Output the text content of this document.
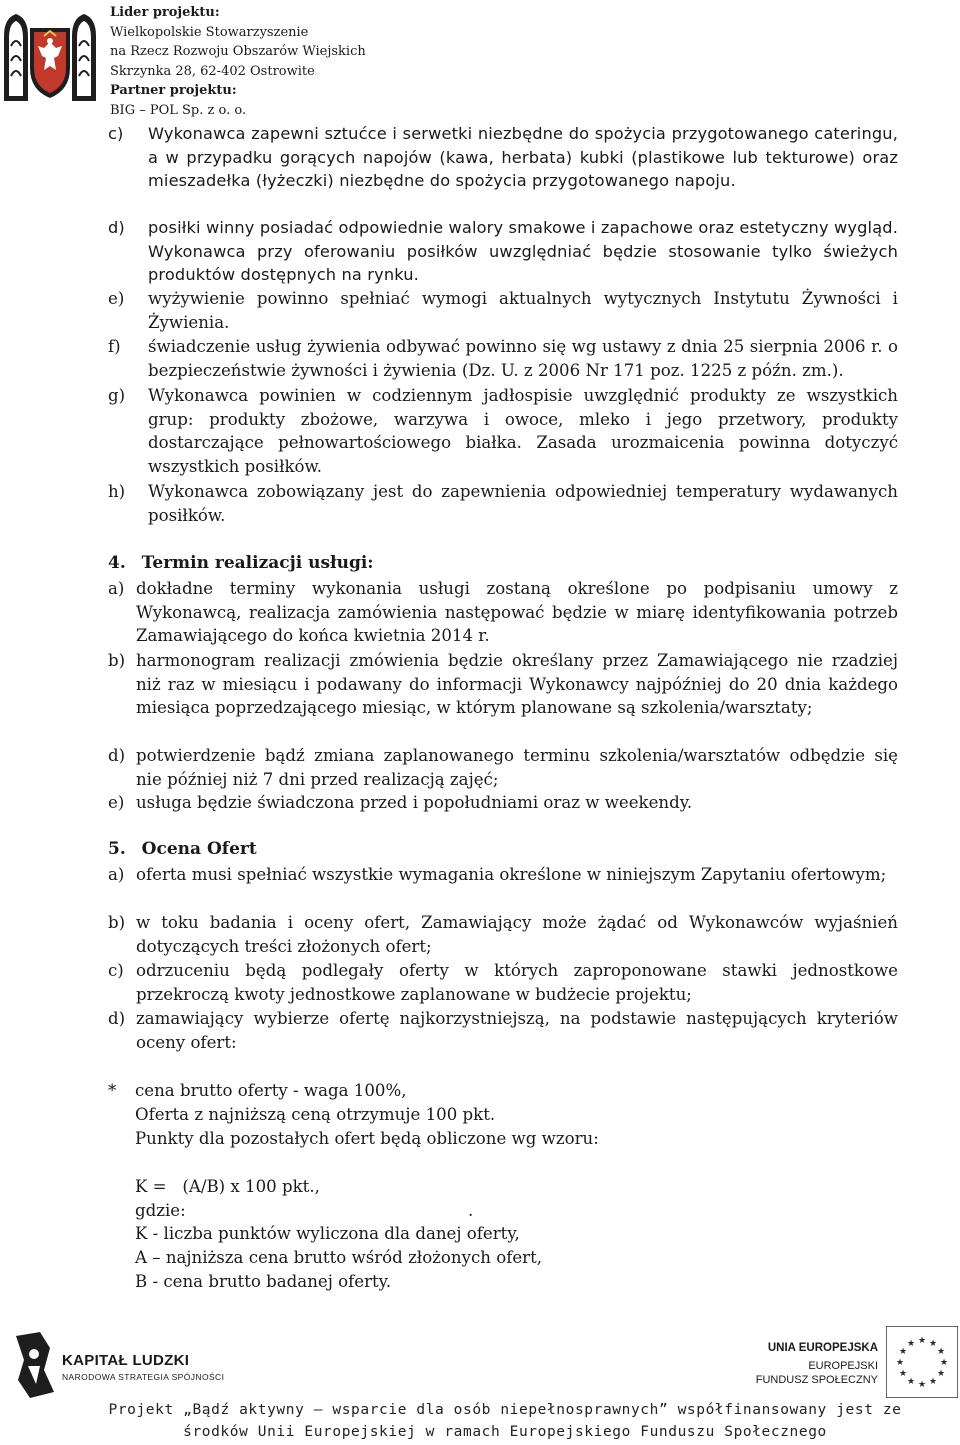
Lider projektu:
Wielkopolskie Stowarzyszenie
na Rzecz Rozwoju Obszarów Wiejskich
Skrzynka 28, 62-402 Ostrowite
Partner projektu:
BIG – POL Sp. z o. o.
c) Wykonawca zapewni sztućce i serwetki niezbędne do spożycia przygotowanego cateringu, a w przypadku gorących napojów (kawa, herbata) kubki (plastikowe lub tekturowe) oraz mieszadełka (łyżeczki) niezbędne do spożycia przygotowanego napoju.
d) posiłki winny posiadać odpowiednie walory smakowe i zapachowe oraz estetyczny wygląd. Wykonawca przy oferowaniu posiłków uwzględniać będzie stosowanie tylko świeżych produktów dostępnych na rynku.
e) wyżywienie powinno spełniać wymogi aktualnych wytycznych Instytutu Żywności i Żywienia.
f) świadczenie usług żywienia odbywać powinno się wg ustawy z dnia 25 sierpnia 2006 r. o bezpieczeństwie żywności i żywienia (Dz. U. z 2006 Nr 171 poz. 1225 z późn. zm.).
g) Wykonawca powinien w codziennym jadłospisie uwzględnić produkty ze wszystkich grup: produkty zbożowe, warzywa i owoce, mleko i jego przetwory, produkty dostarczające pełnowartościowego białka. Zasada urozmaicenia powinna dotyczyć wszystkich posiłków.
h) Wykonawca zobowiązany jest do zapewnienia odpowiedniej temperatury wydawanych posiłków.
4. Termin realizacji usługi:
a) dokładne terminy wykonania usługi zostaną określone po podpisaniu umowy z Wykonawcą, realizacja zamówienia następować będzie w miarę identyfikowania potrzeb Zamawiającego do końca kwietnia 2014 r.
b) harmonogram realizacji zmówienia będzie określany przez Zamawiającego nie rzadziej niż raz w miesiącu i podawany do informacji Wykonawcy najpóźniej do 20 dnia każdego miesiąca poprzedzającego miesiąc, w którym planowane są szkolenia/warsztaty;
d) potwierdzenie bądź zmiana zaplanowanego terminu szkolenia/warsztatów odbędzie się nie później niż 7 dni przed realizacją zajęć;
e) usługa będzie świadczona przed i popołudniami oraz w weekendy.
5. Ocena Ofert
a) oferta musi spełniać wszystkie wymagania określone w niniejszym Zapytaniu ofertowym;
b) w toku badania i oceny ofert, Zamawiający może żądać od Wykonawców wyjaśnień dotyczących treści złożonych ofert;
c) odrzuceniu będą podlegały oferty w których zaproponowane stawki jednostkowe przekroczą kwoty jednostkowe zaplanowane w budżecie projektu;
d) zamawiający wybierze ofertę najkorzystniejszą, na podstawie następujących kryteriów oceny ofert:
* cena brutto oferty - waga 100%,
Oferta z najniższą ceną otrzymuje 100 pkt.
Punkty dla pozostałych ofert będą obliczone wg wzoru:
K =   (A/B) x 100 pkt.,
gdzie:	.
K - liczba punktów wyliczona dla danej oferty,
A – najniższa cena brutto wśród złożonych ofert,
B - cena brutto badanej oferty.
KAPITAŁ LUDZKI
NARODOWA STRATEGIA SPÓJNOŚCI
UNIA EUROPEJSKA
EUROPEJSKI
FUNDUSZ SPOŁECZNY
★ ★
★
★
★
★
★
★
★
★
★
★
Projekt „Bądź aktywny – wsparcie dla osób niepełnosprawnych” współfinansowany jest ze
środków Unii Europejskiej w ramach Europejskiego Funduszu Społecznego
